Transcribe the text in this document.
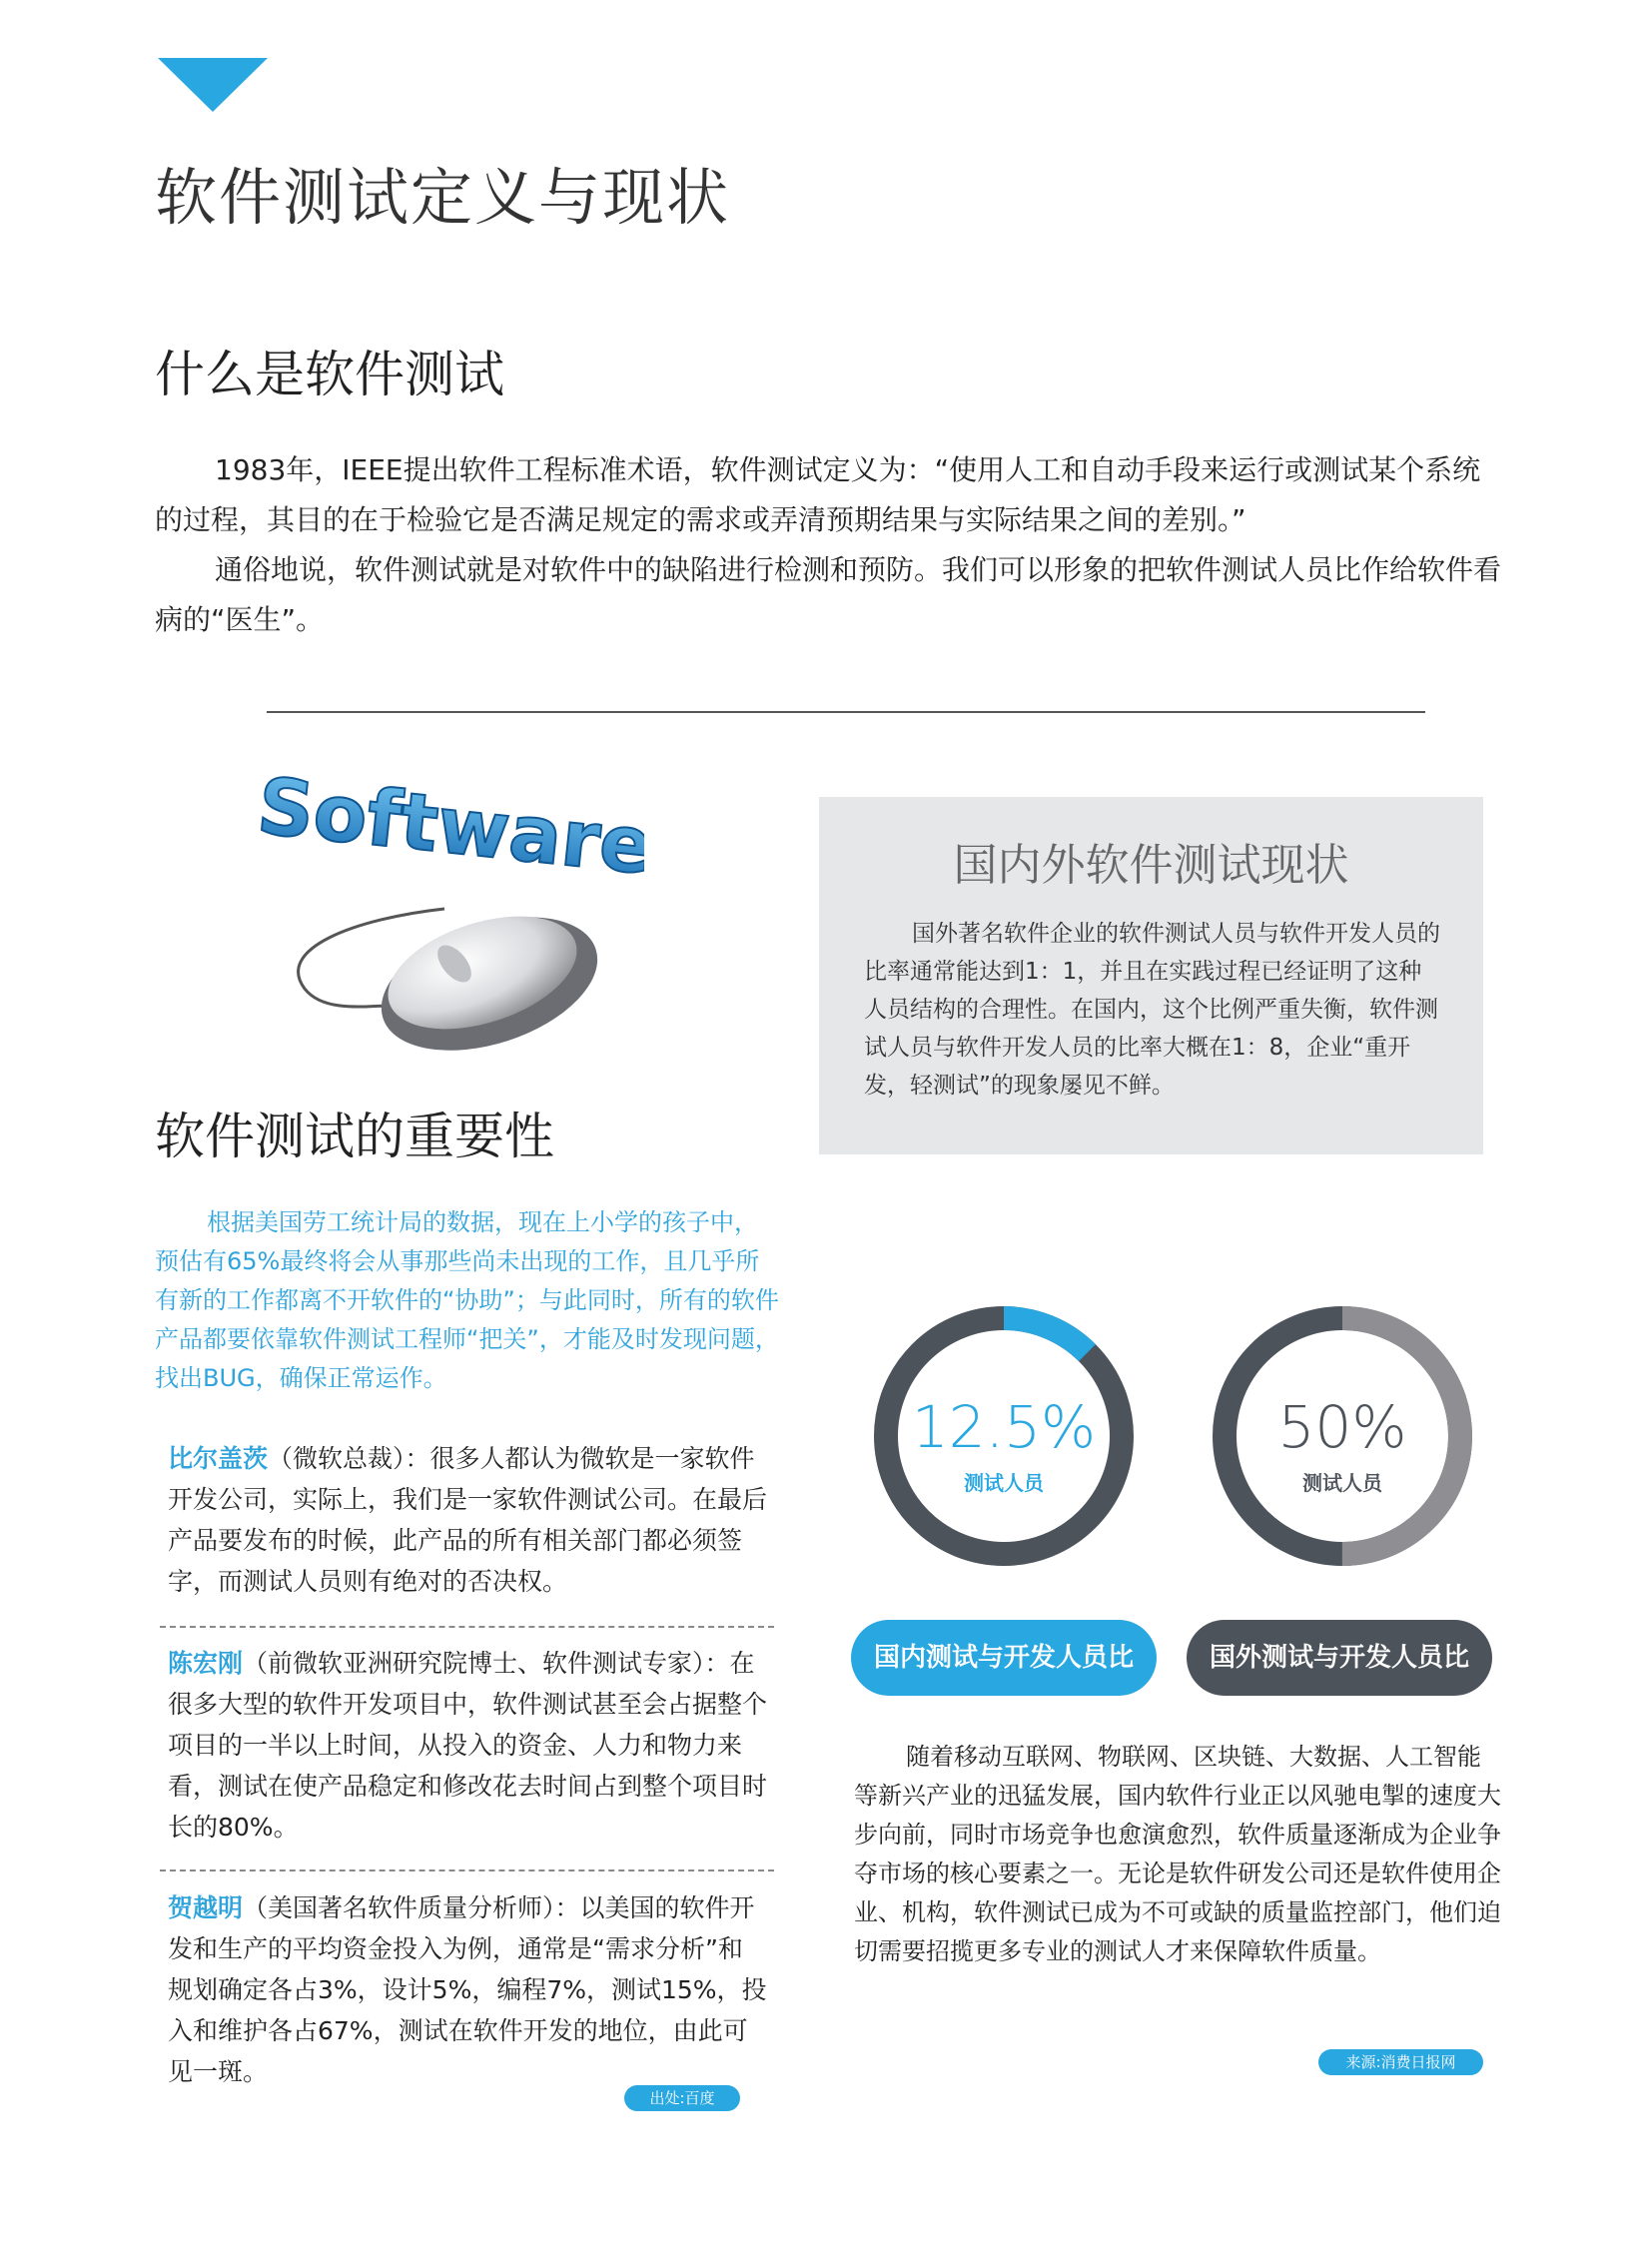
软件测试定义与现状
什么是软件测试

1983年，IEEE提出软件工程标准术语，软件测试定义为：“使用人工和自动手段来运行或测试某个系统的过程，其目的在于检验它是否满足规定的需求或弄清预期结果与实际结果之间的差别。”

通俗地说，软件测试就是对软件中的缺陷进行检测和预防。我们可以形象的把软件测试人员比作给软件看病的“医生”。

Software	国内外软件测试现状

国外著名软件企业的软件测试人员与软件开发人员的比率通常能达到1：1，并且在实践过程已经证明了这种人员结构的合理性。在国内，这个比例严重失衡，软件测试人员与软件开发人员的比率大概在1：8，企业“重开发，轻测试”的现象屡见不鲜。

软件测试的重要性

根据美国劳工统计局的数据，现在上小学的孩子中，预估有65%最终将会从事那些尚未出现的工作，且几乎所有新的工作都离不开软件的“协助”；与此同时，所有的软件产品都要依靠软件测试工程师“把关”，才能及时发现问题，找出BUG，确保正常运作。

比尔盖茨（微软总裁）：很多人都认为微软是一家软件开发公司，实际上，我们是一家软件测试公司。在最后产品要发布的时候，此产品的所有相关部门都必须签字，而测试人员则有绝对的否决权。
陈宏刚（前微软亚洲研究院博士、软件测试专家）：在很多大型的软件开发项目中，软件测试甚至会占据整个项目的一半以上时间，从投入的资金、人力和物力来看，测试在使产品稳定和修改花去时间占到整个项目时长的80%。
贺越明（美国著名软件质量分析师）：以美国的软件开发和生产的平均资金投入为例，通常是“需求分析”和规划确定各占3%，设计5%，编程7%，测试15%，投入和维护各占67%，测试在软件开发的地位，由此可见一斑。
出处:百度
12.5%
测试人员
50%
测试人员
国内测试与开发人员比	国外测试与开发人员比

随着移动互联网、物联网、区块链、大数据、人工智能等新兴产业的迅猛发展，国内软件行业正以风驰电掣的速度大步向前，同时市场竞争也愈演愈烈，软件质量逐渐成为企业争夺市场的核心要素之一。无论是软件研发公司还是软件使用企业、机构，软件测试已成为不可或缺的质量监控部门，他们迫切需要招揽更多专业的测试人才来保障软件质量。

来源:消费日报网
